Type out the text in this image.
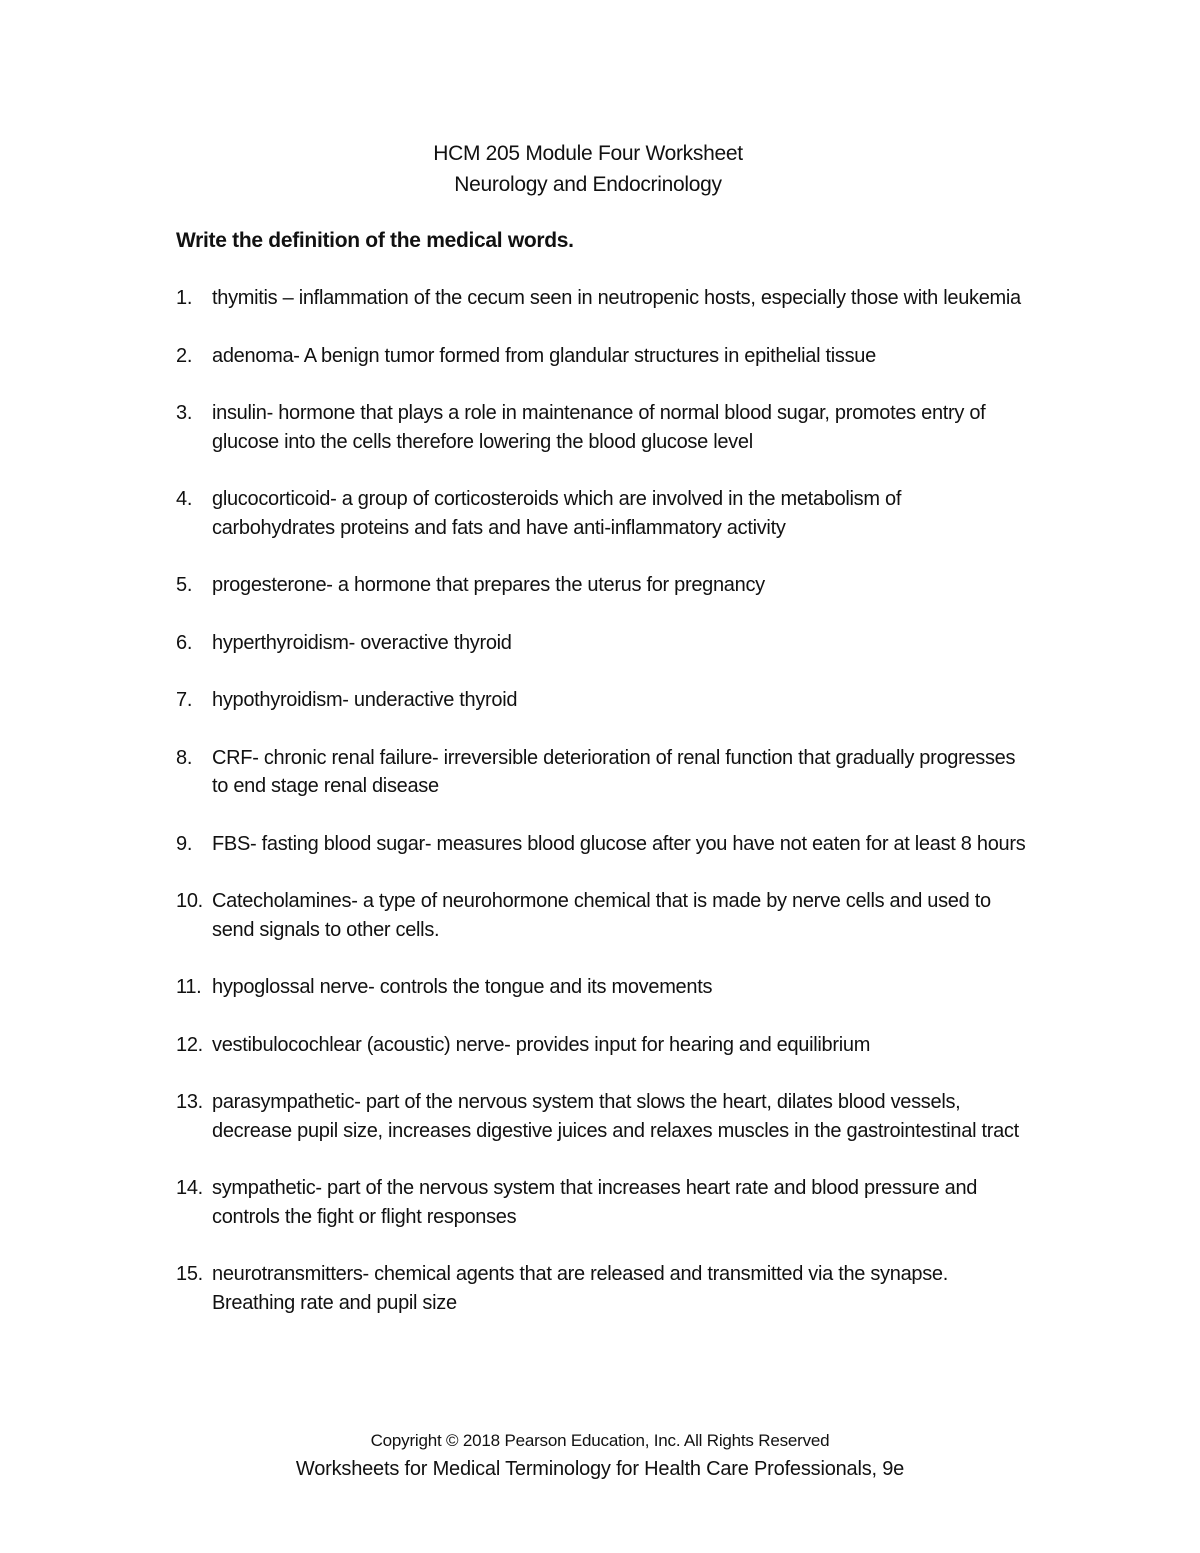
HCM 205 Module Four Worksheet
Neurology and Endocrinology
Write the definition of the medical words.
1. thymitis – inflammation of the cecum seen in neutropenic hosts, especially those with leukemia
2. adenoma- A benign tumor formed from glandular structures in epithelial tissue
3. insulin- hormone that plays a role in maintenance of normal blood sugar, promotes entry of glucose into the cells therefore lowering the blood glucose level
4. glucocorticoid- a group of corticosteroids which are involved in the metabolism of carbohydrates proteins and fats and have anti-inflammatory activity
5. progesterone- a hormone that prepares the uterus for pregnancy
6. hyperthyroidism- overactive thyroid
7. hypothyroidism- underactive thyroid
8. CRF- chronic renal failure- irreversible deterioration of renal function that gradually progresses to end stage renal disease
9. FBS- fasting blood sugar- measures blood glucose after you have not eaten for at least 8 hours
10. Catecholamines- a type of neurohormone chemical that is made by nerve cells and used to send signals to other cells.
11. hypoglossal nerve- controls the tongue and its movements
12. vestibulocochlear (acoustic) nerve- provides input for hearing and equilibrium
13. parasympathetic- part of the nervous system that slows the heart, dilates blood vessels, decrease pupil size, increases digestive juices and relaxes muscles in the gastrointestinal tract
14. sympathetic- part of the nervous system that increases heart rate and blood pressure and controls the fight or flight responses
15. neurotransmitters- chemical agents that are released and transmitted via the synapse. Breathing rate and pupil size
Copyright © 2018 Pearson Education, Inc. All Rights Reserved
Worksheets for Medical Terminology for Health Care Professionals, 9e
